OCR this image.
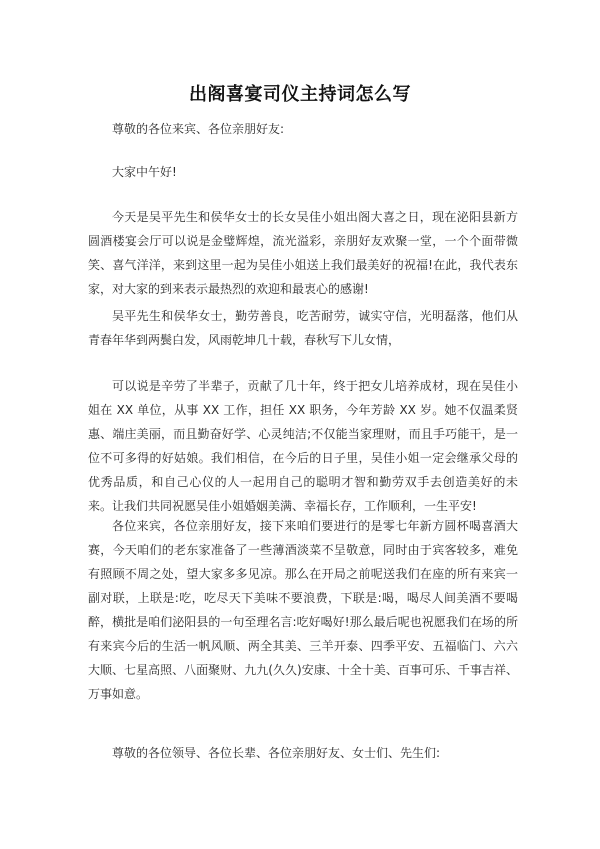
出阁喜宴司仪主持词怎么写

尊敬的各位来宾、各位亲朋好友:

大家中午好!

今天是吴平先生和侯华女士的长女吴佳小姐出阁大喜之日，现在泌阳县新方圆酒楼宴会厅可以说是金璧辉煌，流光溢彩，亲朋好友欢聚一堂，一个个面带微笑、喜气洋洋，来到这里一起为吴佳小姐送上我们最美好的祝福!在此，我代表东家，对大家的到来表示最热烈的欢迎和最衷心的感谢!

吴平先生和侯华女士，勤劳善良，吃苦耐劳，诚实守信，光明磊落，他们从青春年华到两鬓白发，风雨乾坤几十载，春秋写下儿女情，

可以说是辛劳了半辈子，贡献了几十年，终于把女儿培养成材，现在吴佳小姐在 XX 单位，从事 XX 工作，担任 XX 职务，今年芳龄 XX 岁。她不仅温柔贤惠、端庄美丽，而且勤奋好学、心灵纯洁;不仅能当家理财，而且手巧能干，是一位不可多得的好姑娘。我们相信，在今后的日子里，吴佳小姐一定会继承父母的优秀品质，和自己心仪的人一起用自己的聪明才智和勤劳双手去创造美好的未来。让我们共同祝愿吴佳小姐婚姻美满、幸福长存，工作顺利，一生平安!

各位来宾，各位亲朋好友，接下来咱们要进行的是零七年新方圆杯喝喜酒大赛，今天咱们的老东家准备了一些薄酒淡菜不呈敬意，同时由于宾客较多，难免有照顾不周之处，望大家多多见凉。那么在开局之前呢送我们在座的所有来宾一副对联，上联是:吃，吃尽天下美味不要浪费，下联是:喝，喝尽人间美酒不要喝醉，横批是咱们泌阳县的一句至理名言:吃好喝好!那么最后呢也祝愿我们在场的所有来宾今后的生活一帆风顺、两全其美、三羊开泰、四季平安、五福临门、六六大顺、七星高照、八面聚财、九九(久久)安康、十全十美、百事可乐、千事吉祥、万事如意。

尊敬的各位领导、各位长辈、各位亲朋好友、女士们、先生们:
